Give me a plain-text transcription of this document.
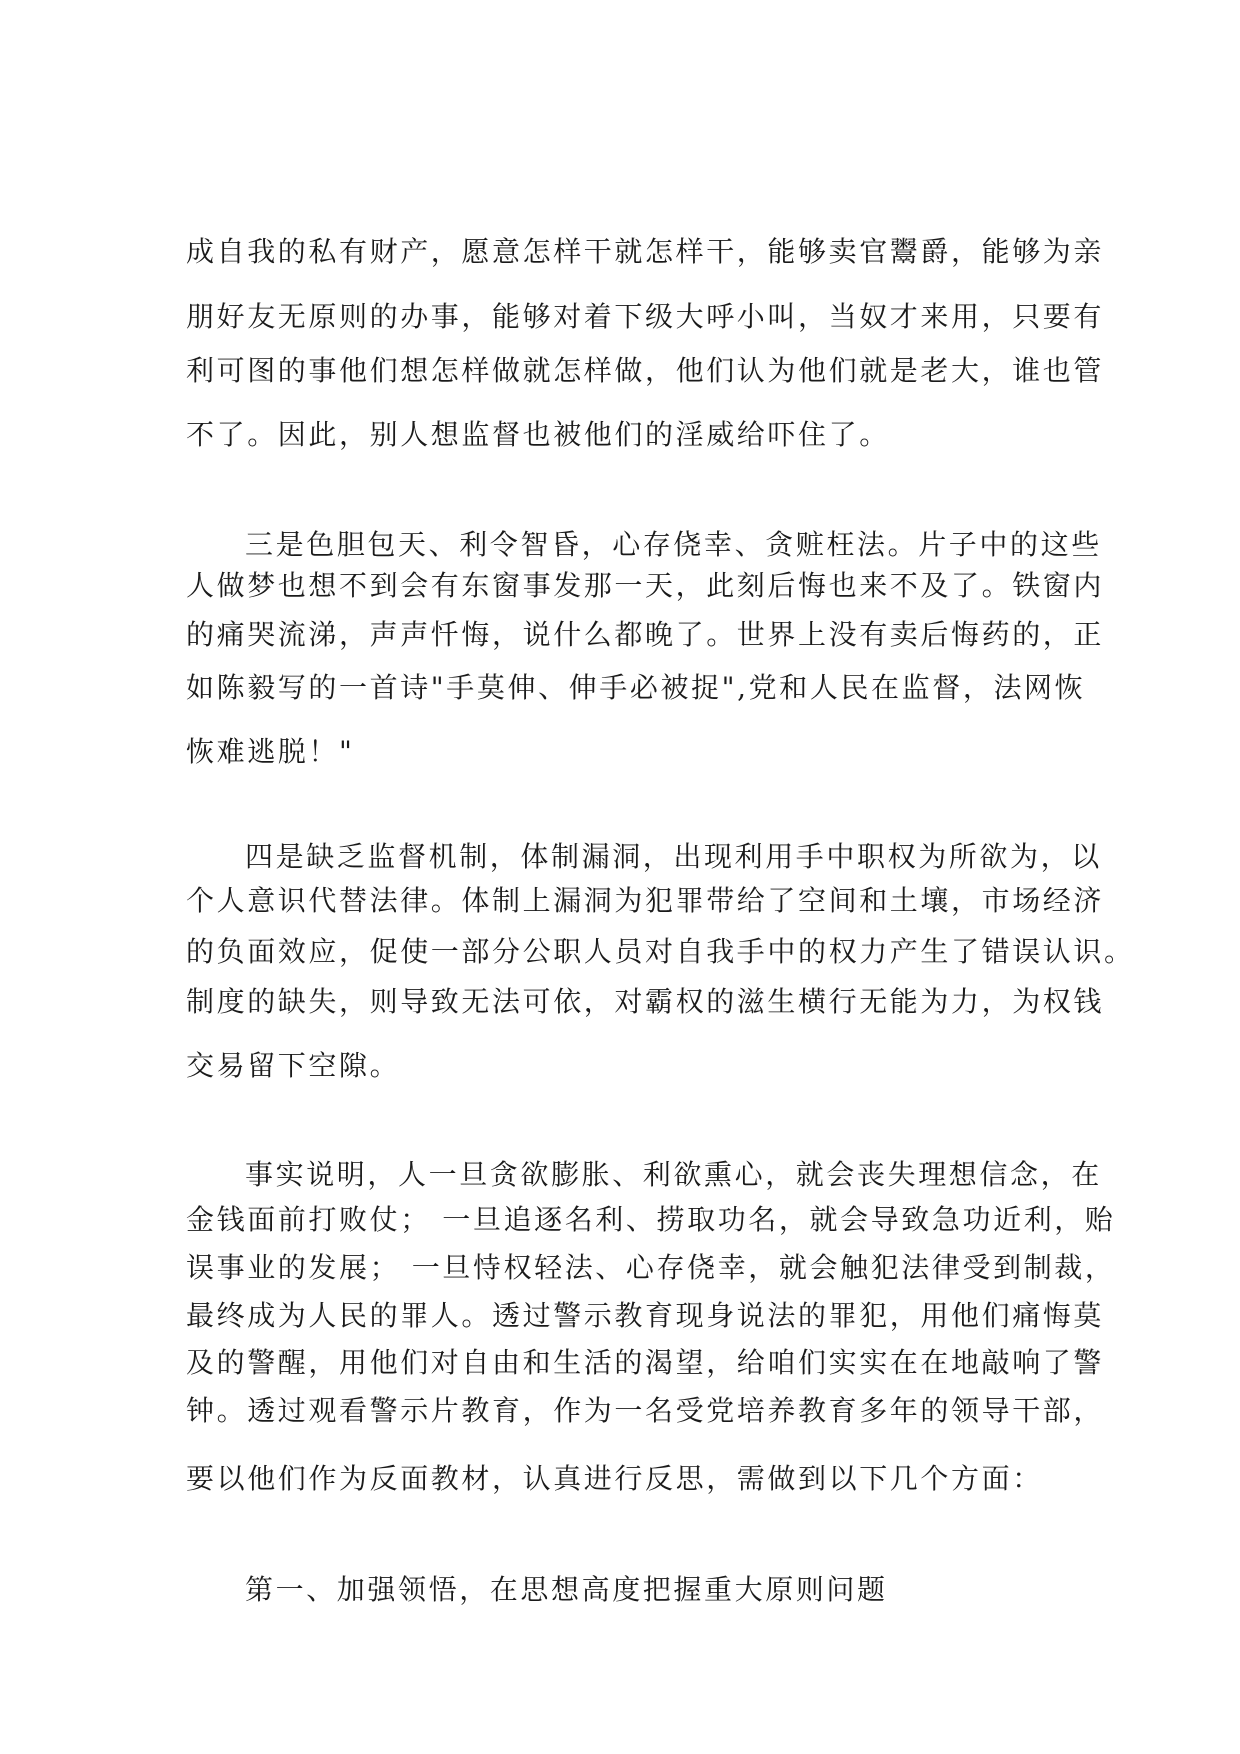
成自我的私有财产，愿意怎样干就怎样干，能够卖官鬻爵，能够为亲

朋好友无原则的办事，能够对着下级大呼小叫，当奴才来用，只要有

利可图的事他们想怎样做就怎样做，他们认为他们就是老大，谁也管

不了。因此，别人想监督也被他们的淫威给吓住了。

三是色胆包天、利令智昏，心存侥幸、贪赃枉法。片子中的这些

人做梦也想不到会有东窗事发那一天，此刻后悔也来不及了。铁窗内

的痛哭流涕，声声忏悔，说什么都晚了。世界上没有卖后悔药的，正

如陈毅写的一首诗"手莫伸、伸手必被捉",党和人民在监督，法网恢

恢难逃脱！"

四是缺乏监督机制，体制漏洞，出现利用手中职权为所欲为，以

个人意识代替法律。体制上漏洞为犯罪带给了空间和土壤，市场经济

的负面效应，促使一部分公职人员对自我手中的权力产生了错误认识。

制度的缺失，则导致无法可依，对霸权的滋生横行无能为力，为权钱

交易留下空隙。

事实说明，人一旦贪欲膨胀、利欲熏心，就会丧失理想信念，在

金钱面前打败仗； 一旦追逐名利、捞取功名，就会导致急功近利，贻

误事业的发展； 一旦恃权轻法、心存侥幸，就会触犯法律受到制裁，

最终成为人民的罪人。透过警示教育现身说法的罪犯，用他们痛悔莫

及的警醒，用他们对自由和生活的渴望，给咱们实实在在地敲响了警

钟。透过观看警示片教育，作为一名受党培养教育多年的领导干部，

要以他们作为反面教材，认真进行反思，需做到以下几个方面：

第一、加强领悟，在思想高度把握重大原则问题
